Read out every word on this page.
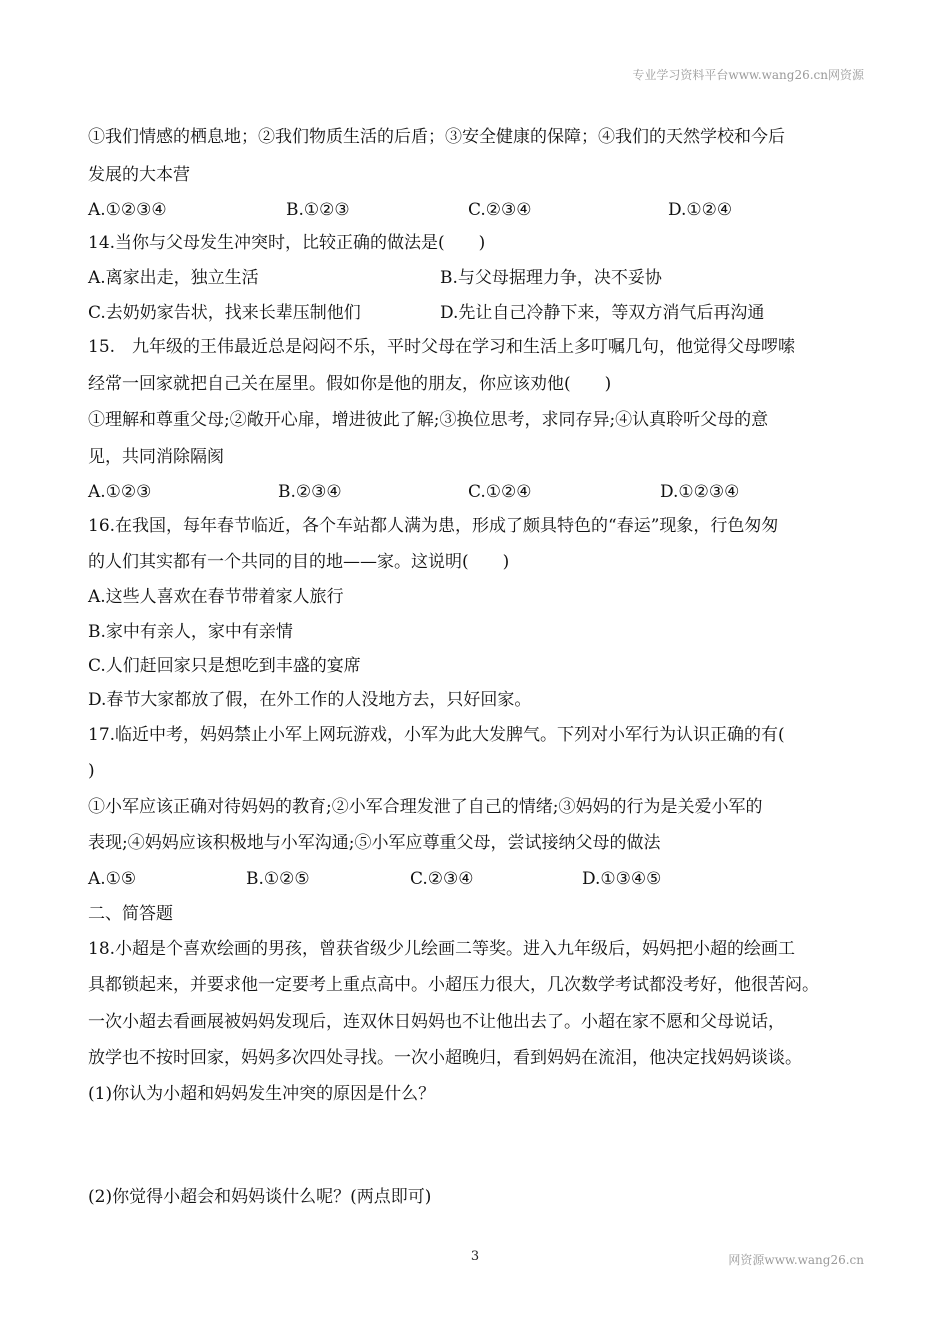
专业学习资料平台www.wang26.cn网资源
①我们情感的栖息地；②我们物质生活的后盾；③安全健康的保障；④我们的天然学校和今后
发展的大本营
A.①②③④	B.①②③	C.②③④	D.①②④
14.当你与父母发生冲突时，比较正确的做法是(　　)
A.离家出走，独立生活	B.与父母据理力争，决不妥协
C.去奶奶家告状，找来长辈压制他们	D.先让自己冷静下来，等双方消气后再沟通
15.　九年级的王伟最近总是闷闷不乐，平时父母在学习和生活上多叮嘱几句，他觉得父母啰嗦
经常一回家就把自己关在屋里。假如你是他的朋友，你应该劝他(　　)
①理解和尊重父母;②敞开心扉，增进彼此了解;③换位思考，求同存异;④认真聆听父母的意
见，共同消除隔阂
A.①②③	B.②③④	C.①②④	D.①②③④
16.在我国，每年春节临近，各个车站都人满为患，形成了颇具特色的“春运”现象，行色匆匆
的人们其实都有一个共同的目的地——家。这说明(　　)
A.这些人喜欢在春节带着家人旅行
B.家中有亲人，家中有亲情
C.人们赶回家只是想吃到丰盛的宴席
D.春节大家都放了假，在外工作的人没地方去，只好回家。
17.临近中考，妈妈禁止小军上网玩游戏，小军为此大发脾气。下列对小军行为认识正确的有(
)
①小军应该正确对待妈妈的教育;②小军合理发泄了自己的情绪;③妈妈的行为是关爱小军的
表现;④妈妈应该积极地与小军沟通;⑤小军应尊重父母，尝试接纳父母的做法
A.①⑤	B.①②⑤	C.②③④	D.①③④⑤
二、简答题
18.小超是个喜欢绘画的男孩，曾获省级少儿绘画二等奖。进入九年级后，妈妈把小超的绘画工
具都锁起来，并要求他一定要考上重点高中。小超压力很大，几次数学考试都没考好，他很苦闷。
一次小超去看画展被妈妈发现后，连双休日妈妈也不让他出去了。小超在家不愿和父母说话，
放学也不按时回家，妈妈多次四处寻找。一次小超晚归，看到妈妈在流泪，他决定找妈妈谈谈。
(1)你认为小超和妈妈发生冲突的原因是什么？
(2)你觉得小超会和妈妈谈什么呢？(两点即可)
3	网资源www.wang26.cn
